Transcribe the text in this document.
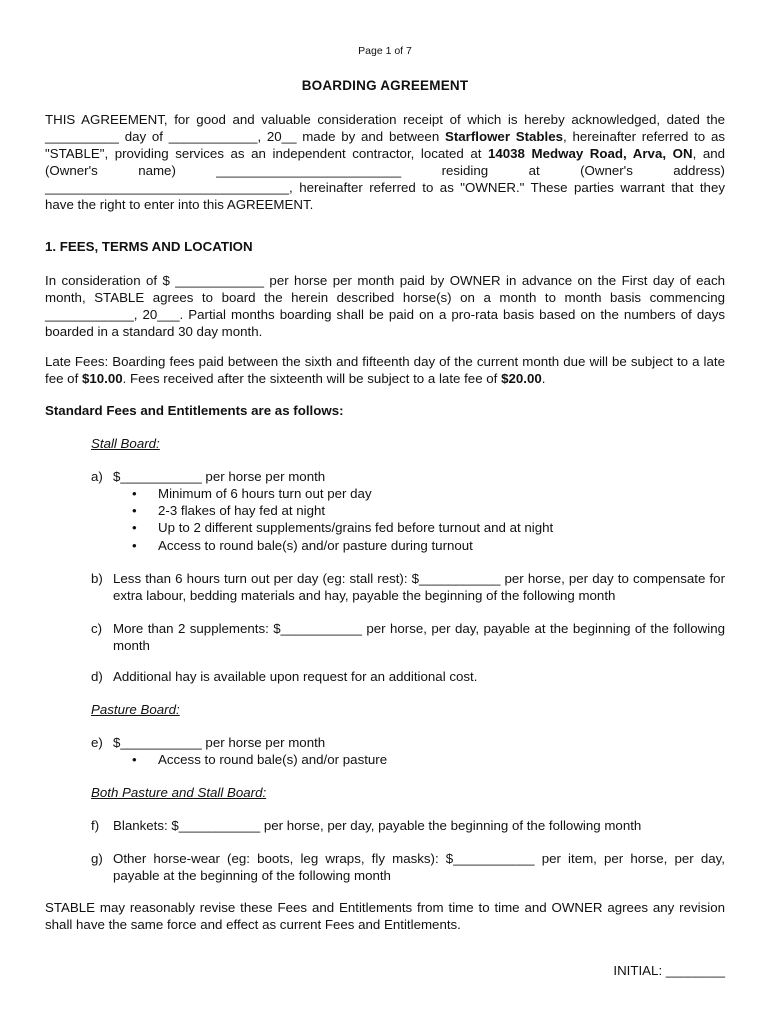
Page 1 of 7
BOARDING AGREEMENT
THIS AGREEMENT, for good and valuable consideration receipt of which is hereby acknowledged, dated the
__________ day of ____________, 20__ made by and between Starflower Stables, hereinafter referred to as
"STABLE", providing services as an independent contractor, located at 14038 Medway Road, Arva, ON, and
(Owner's name) _________________________ residing at (Owner's address)
_________________________________, hereinafter referred to as "OWNER." These parties warrant that they
have the right to enter into this AGREEMENT.
1. FEES, TERMS AND LOCATION
In consideration of $ ____________ per horse per month paid by OWNER in advance on the First day of each month, STABLE agrees to board the herein described horse(s) on a month to month basis commencing ____________, 20___. Partial months boarding shall be paid on a pro-rata basis based on the numbers of days boarded in a standard 30 day month.
Late Fees: Boarding fees paid between the sixth and fifteenth day of the current month due will be subject to a late fee of $10.00. Fees received after the sixteenth will be subject to a late fee of $20.00.
Standard Fees and Entitlements are as follows:
Stall Board:
a) $___________ per horse per month
• Minimum of 6 hours turn out per day
• 2-3 flakes of hay fed at night
• Up to 2 different supplements/grains fed before turnout and at night
• Access to round bale(s) and/or pasture during turnout
b) Less than 6 hours turn out per day (eg: stall rest): $___________ per horse, per day to compensate for extra labour, bedding materials and hay, payable the beginning of the following month
c) More than 2 supplements: $___________ per horse, per day, payable at the beginning of the following month
d) Additional hay is available upon request for an additional cost.
Pasture Board:
e) $___________ per horse per month
• Access to round bale(s) and/or pasture
Both Pasture and Stall Board:
f)	Blankets: $___________ per horse, per day, payable the beginning of the following month
g) Other horse-wear (eg: boots, leg wraps, fly masks): $___________ per item, per horse, per day, payable at the beginning of the following month
STABLE may reasonably revise these Fees and Entitlements from time to time and OWNER agrees any revision shall have the same force and effect as current Fees and Entitlements.
INITIAL: ________
